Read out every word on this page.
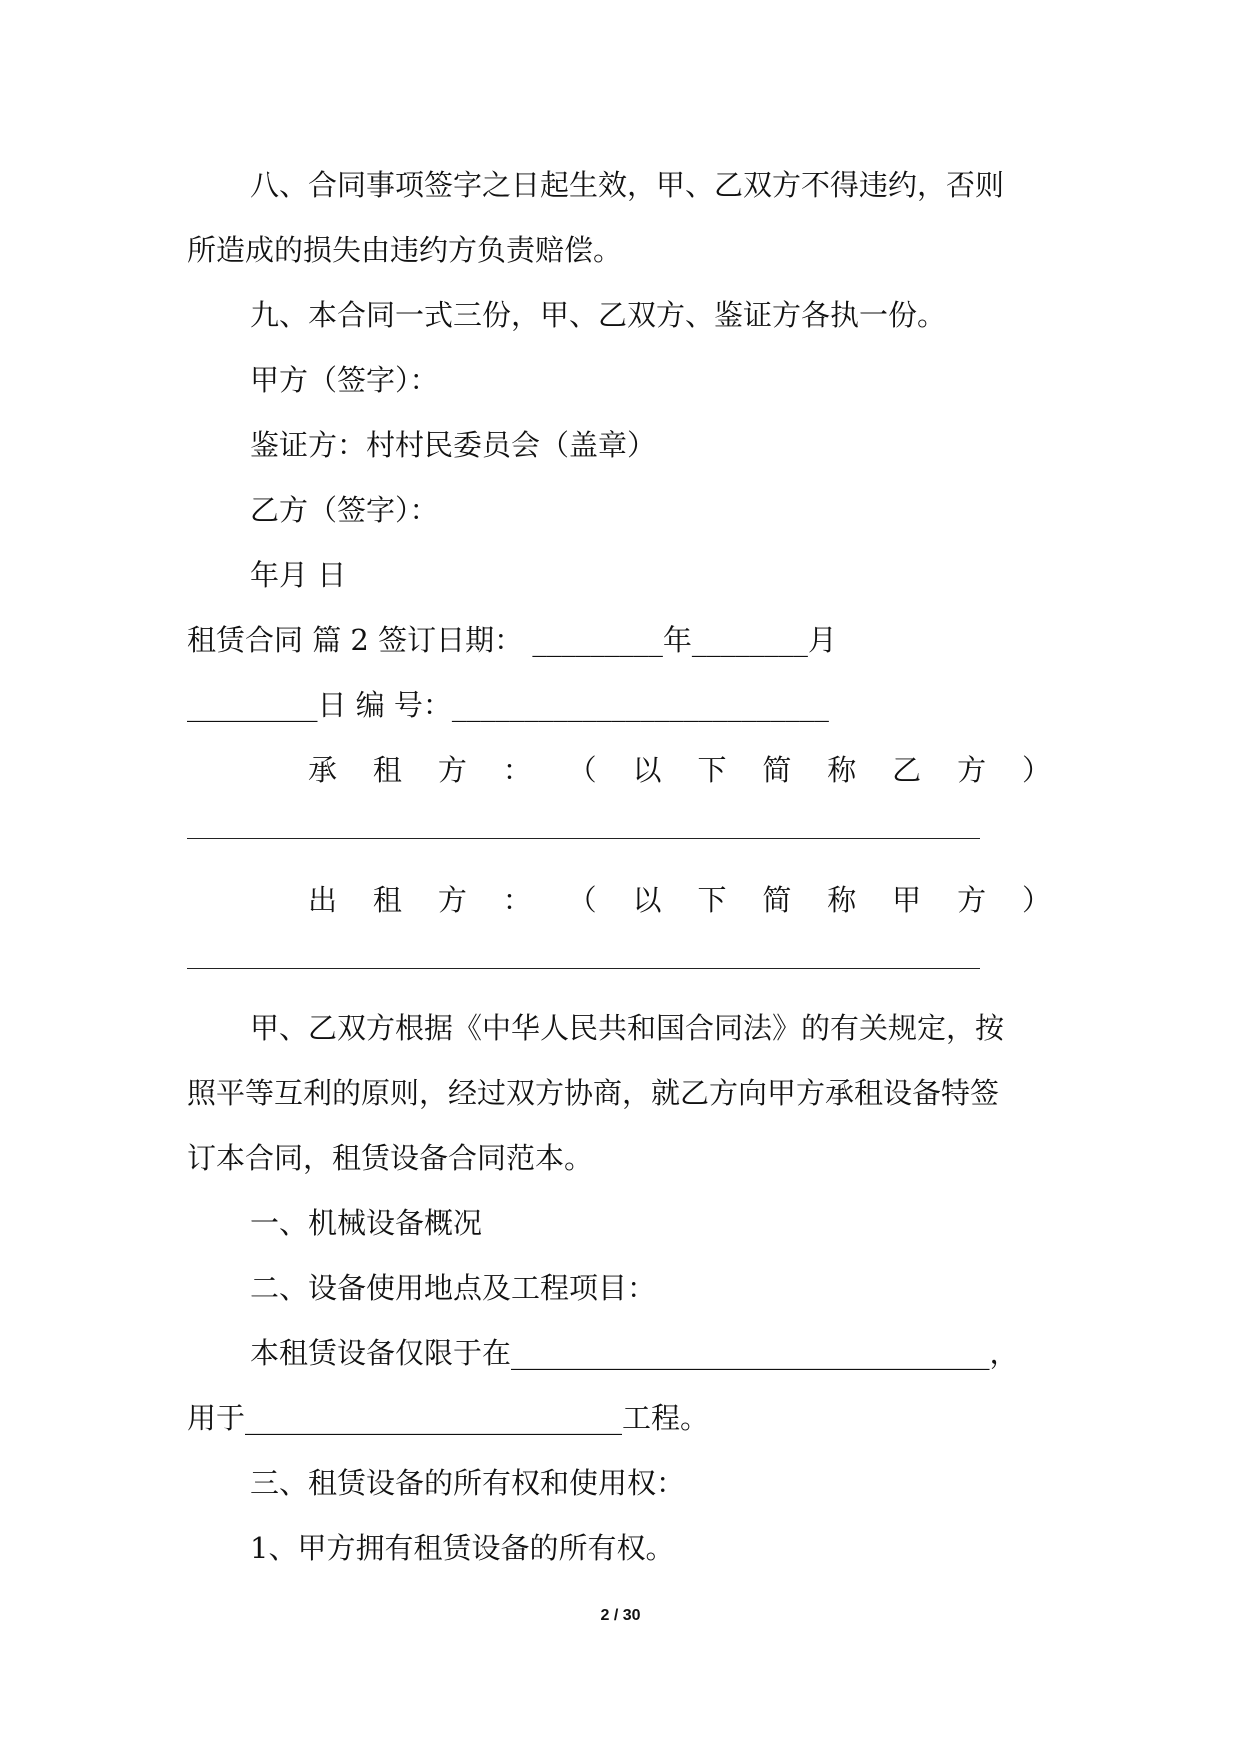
八、合同事项签字之日起生效，甲、乙双方不得违约，否则
所造成的损失由违约方负责赔偿。
九、本合同一式三份，甲、乙双方、鉴证方各执一份。
甲方（签字）：
鉴证方：村村民委员会（盖章）
乙方（签字）：
年月 日
租赁合同 篇 2 签订日期： _________年________月
_________日 编 号：__________________________
承 租 方 ： （ 以 下 简 称 乙 方 ）
出 租 方 ： （ 以 下 简 称 甲 方 ）
甲、乙双方根据《中华人民共和国合同法》的有关规定，按
照平等互利的原则，经过双方协商，就乙方向甲方承租设备特签
订本合同，租赁设备合同范本。
一、机械设备概况
二、设备使用地点及工程项目：
本租赁设备仅限于在_________________________________，
用于__________________________工程。
三、租赁设备的所有权和使用权：
1、甲方拥有租赁设备的所有权。
2 / 30
